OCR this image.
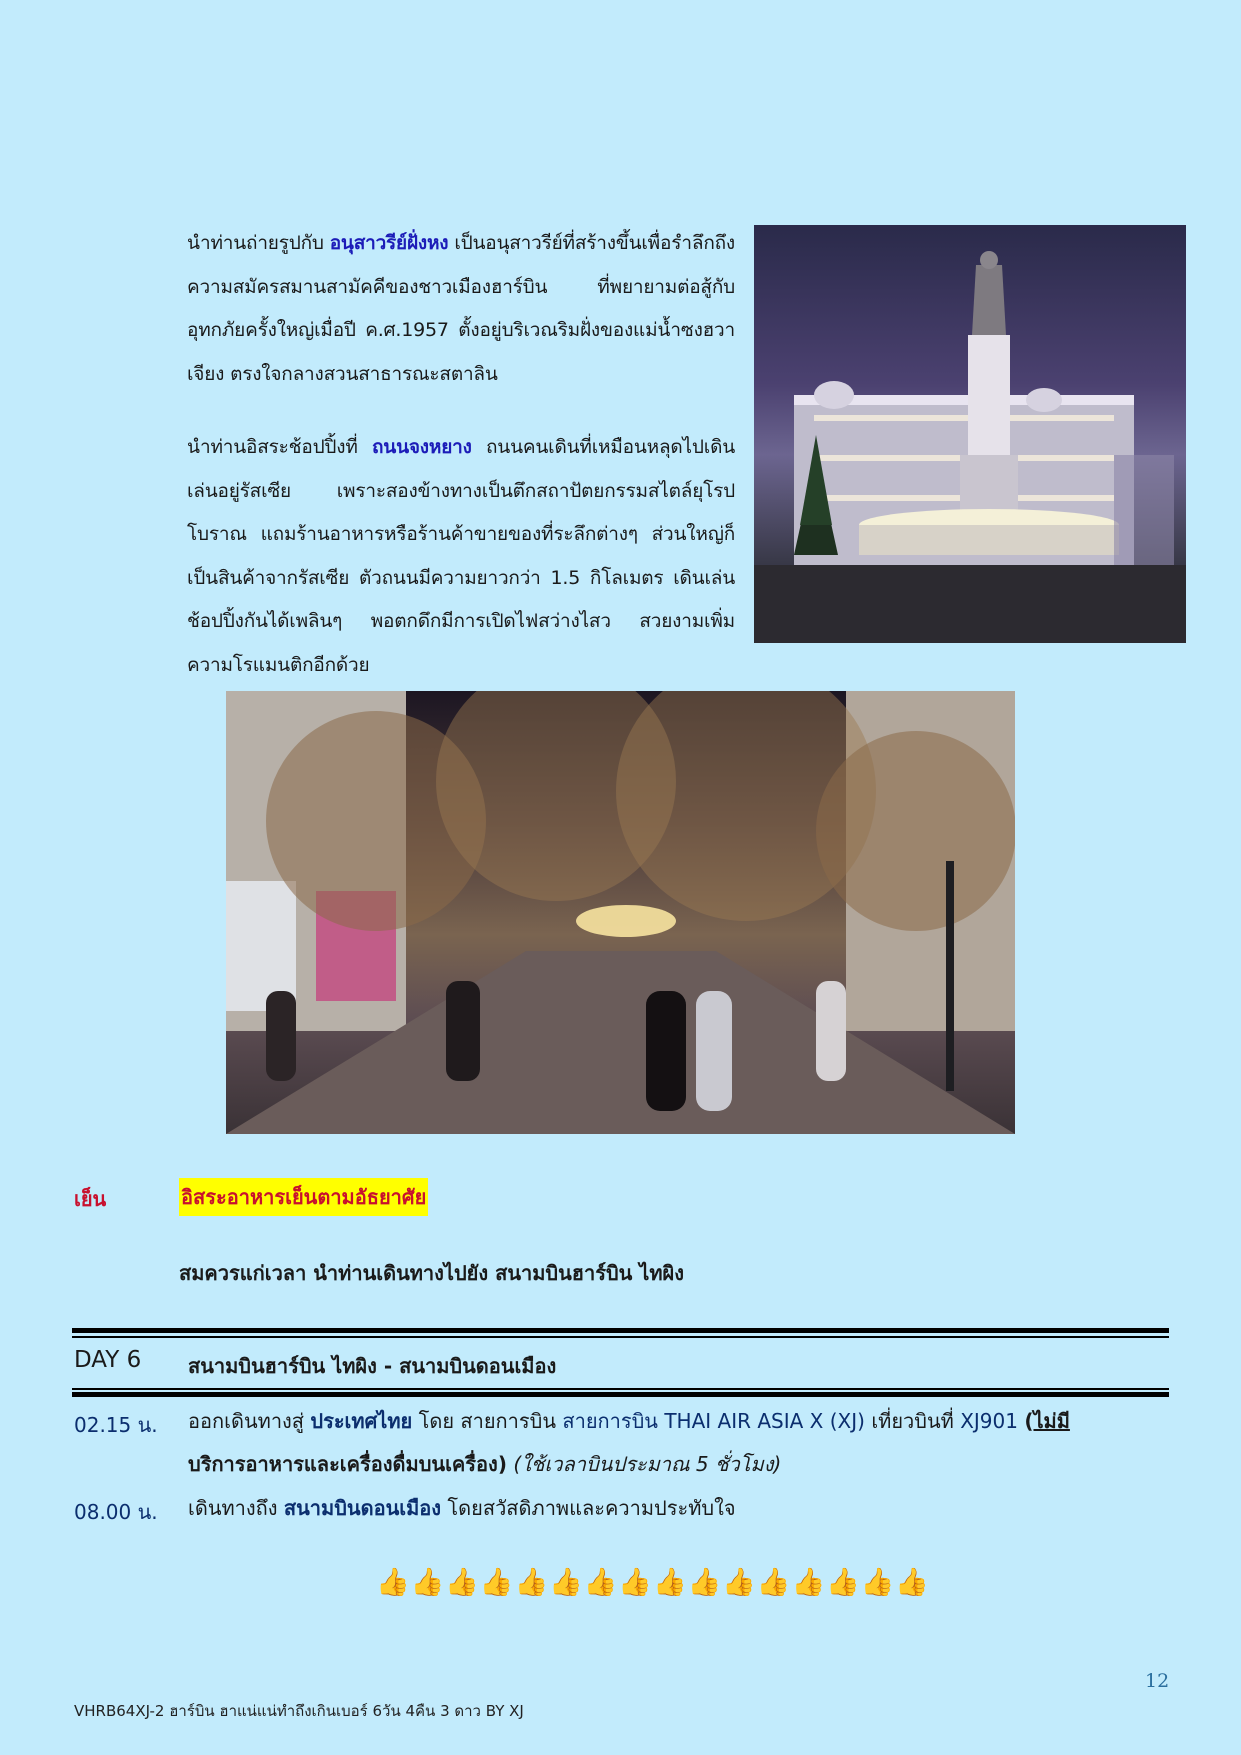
นำท่านถ่ายรูปกับ อนุสาวรีย์ฝั่งหง เป็นอนุสาวรีย์ที่สร้างขึ้นเพื่อรำลึกถึงความสมัครสมานสามัคคีของชาวเมืองฮาร์บิน ที่พยายามต่อสู้กับอุทกภัยครั้งใหญ่เมื่อปี ค.ศ.1957 ตั้งอยู่บริเวณริมฝั่งของแม่น้ำซงฮวาเจียง ตรงใจกลางสวนสาธารณะสตาลิน

นำท่านอิสระช้อปปิ้งที่ ถนนจงหยาง ถนนคนเดินที่เหมือนหลุดไปเดินเล่นอยู่รัสเซีย เพราะสองข้างทางเป็นตึกสถาปัตยกรรมสไตล์ยุโรปโบราณ แถมร้านอาหารหรือร้านค้าขายของที่ระลึกต่างๆ ส่วนใหญ่ก็เป็นสินค้าจากรัสเซีย ตัวถนนมีความยาวกว่า 1.5 กิโลเมตร เดินเล่นช้อปปิ้งกันได้เพลินๆ พอตกดึกมีการเปิดไฟสว่างไสว สวยงามเพิ่มความโรแมนติกอีกด้วย

เย็น	อิสระอาหารเย็นตามอัธยาศัย
สมควรแก่เวลา นำท่านเดินทางไปยัง สนามบินฮาร์บิน ไทผิง
DAY 6 สนามบินฮาร์บิน ไทผิง - สนามบินดอนเมือง
02.15 น. ออกเดินทางสู่ ประเทศไทย โดย สายการบิน สายการบิน THAI AIR ASIA X (XJ) เที่ยวบินที่ XJ901 (ไม่มี
บริการอาหารและเครื่องดื่มบนเครื่อง) (ใช้เวลาบินประมาณ 5 ชั่วโมง)
08.00 น. เดินทางถึง สนามบินดอนเมือง โดยสวัสดิภาพและความประทับใจ
👍👍👍👍👍👍👍👍👍👍👍👍👍👍👍👍
12
VHRB64XJ-2 ฮาร์บิน ฮาแน่แน่ทำถึงเกินเบอร์ 6วัน 4คืน 3 ดาว BY XJ
